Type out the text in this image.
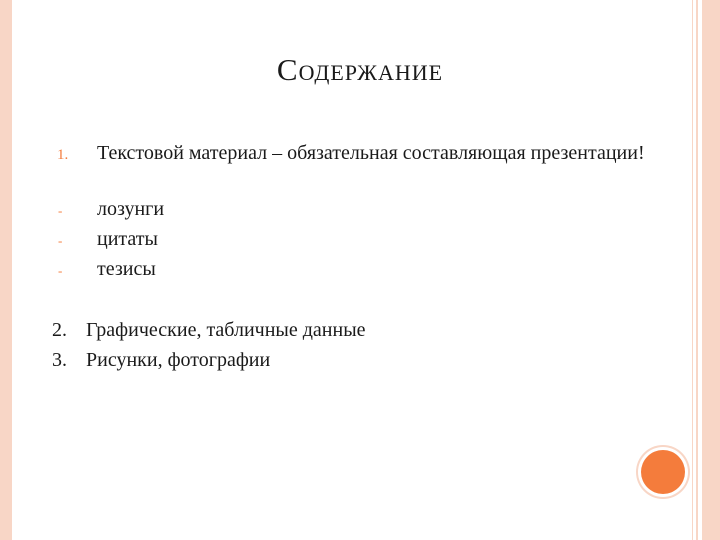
Содержание
1. Текстовой материал – обязательная составляющая презентации!
- лозунги
- цитаты
- тезисы
2. Графические, табличные данные
3. Рисунки, фотографии
